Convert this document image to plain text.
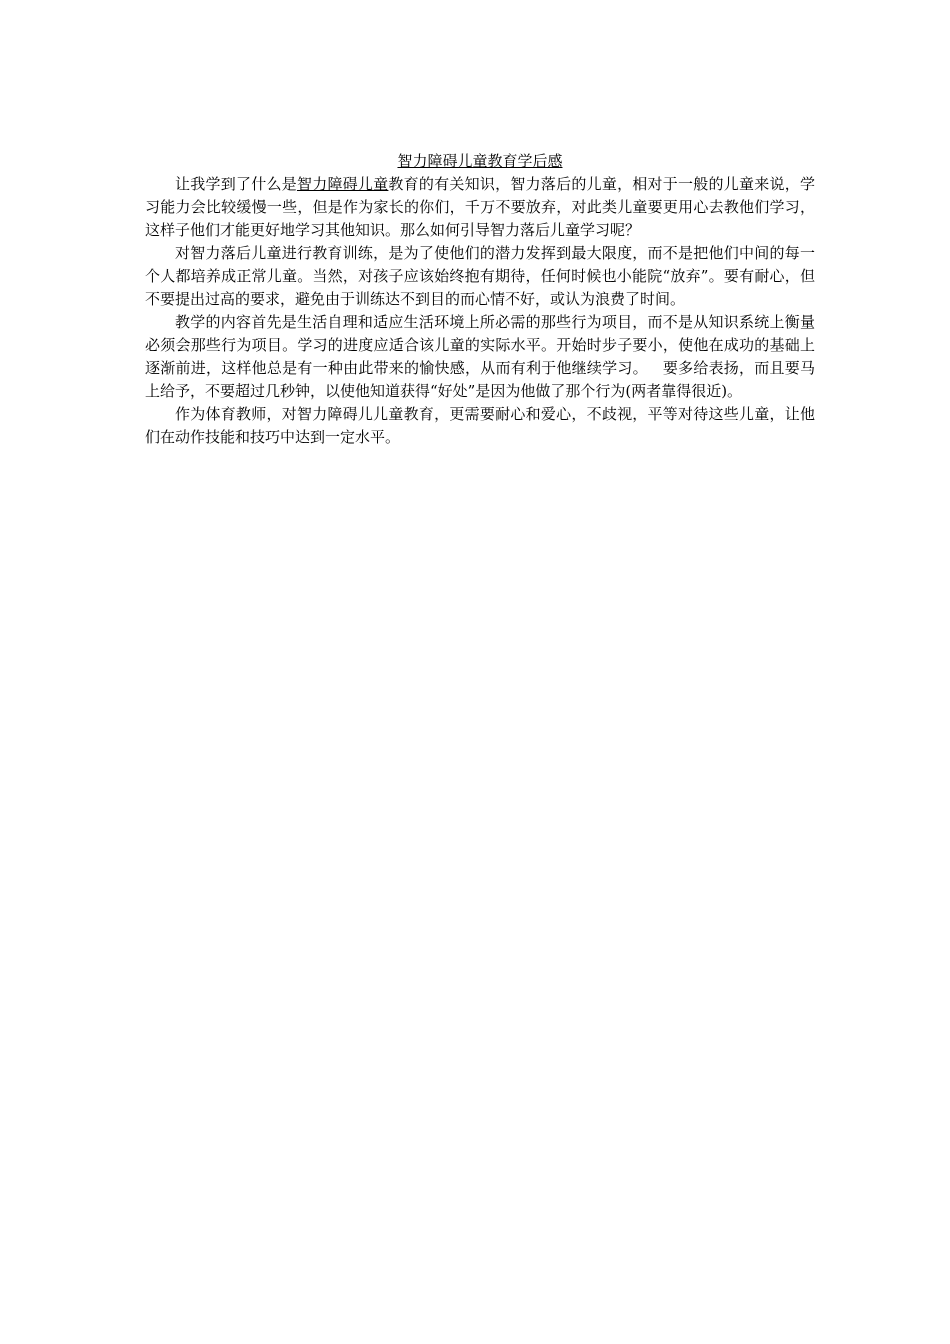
智力障碍儿童教育学后感

让我学到了什么是智力障碍儿童教育的有关知识，智力落后的儿童，相对于一般的儿童来说，学习能力会比较缓慢一些，但是作为家长的你们，千万不要放弃，对此类儿童要更用心去教他们学习，这样子他们才能更好地学习其他知识。那么如何引导智力落后儿童学习呢？

对智力落后儿童进行教育训练，是为了使他们的潜力发挥到最大限度，而不是把他们中间的每一个人都培养成正常儿童。当然，对孩子应该始终抱有期待，任何时候也小能院“放弃”。要有耐心，但不要提出过高的要求，避免由于训练达不到目的而心情不好，或认为浪费了时间。

教学的内容首先是生活自理和适应生活环境上所必需的那些行为项目，而不是从知识系统上衡量必须会那些行为项目。学习的进度应适合该儿童的实际水平。开始时步子要小，使他在成功的基础上逐渐前进，这样他总是有一种由此带来的愉快感，从而有利于他继续学习。   要多给表扬，而且要马上给予，不要超过几秒钟，以使他知道获得“好处”是因为他做了那个行为(两者靠得很近)。

作为体育教师，对智力障碍儿儿童教育，更需要耐心和爱心，不歧视，平等对待这些儿童，让他们在动作技能和技巧中达到一定水平。
